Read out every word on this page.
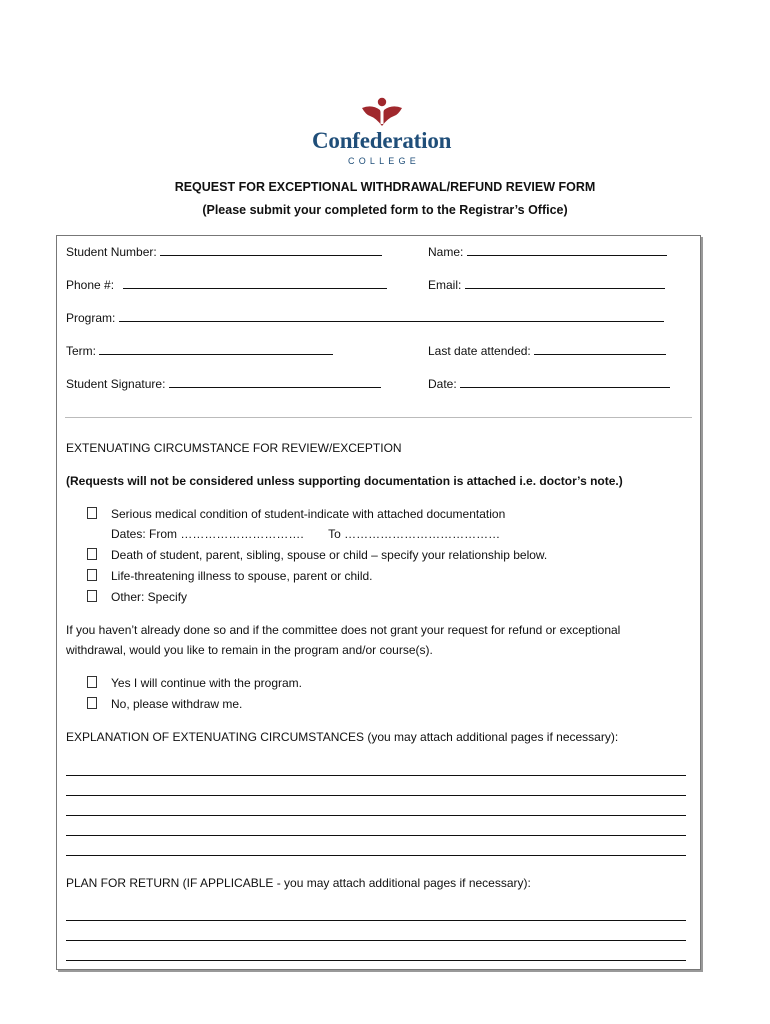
Confederation
COLLEGE
REQUEST FOR EXCEPTIONAL WITHDRAWAL/REFUND REVIEW FORM
(Please submit your completed form to the Registrar’s Office)
Student Number:	Name:
Phone #:	Email:
Program:
Term:	Last date attended:
Student Signature:	Date:
EXTENUATING CIRCUMSTANCE FOR REVIEW/EXCEPTION
(Requests will not be considered unless supporting documentation is attached i.e. doctor’s note.)
Serious medical condition of student-indicate with attached documentation
Dates: From …………………………. To …………………………………
Death of student, parent, sibling, spouse or child – specify your relationship below.
Life-threatening illness to spouse, parent or child.
Other: Specify
If you haven’t already done so and if the committee does not grant your request for refund or exceptional
withdrawal, would you like to remain in the program and/or course(s).
Yes I will continue with the program.
No, please withdraw me.
EXPLANATION OF EXTENUATING CIRCUMSTANCES (you may attach additional pages if necessary):
PLAN FOR RETURN (IF APPLICABLE - you may attach additional pages if necessary):
